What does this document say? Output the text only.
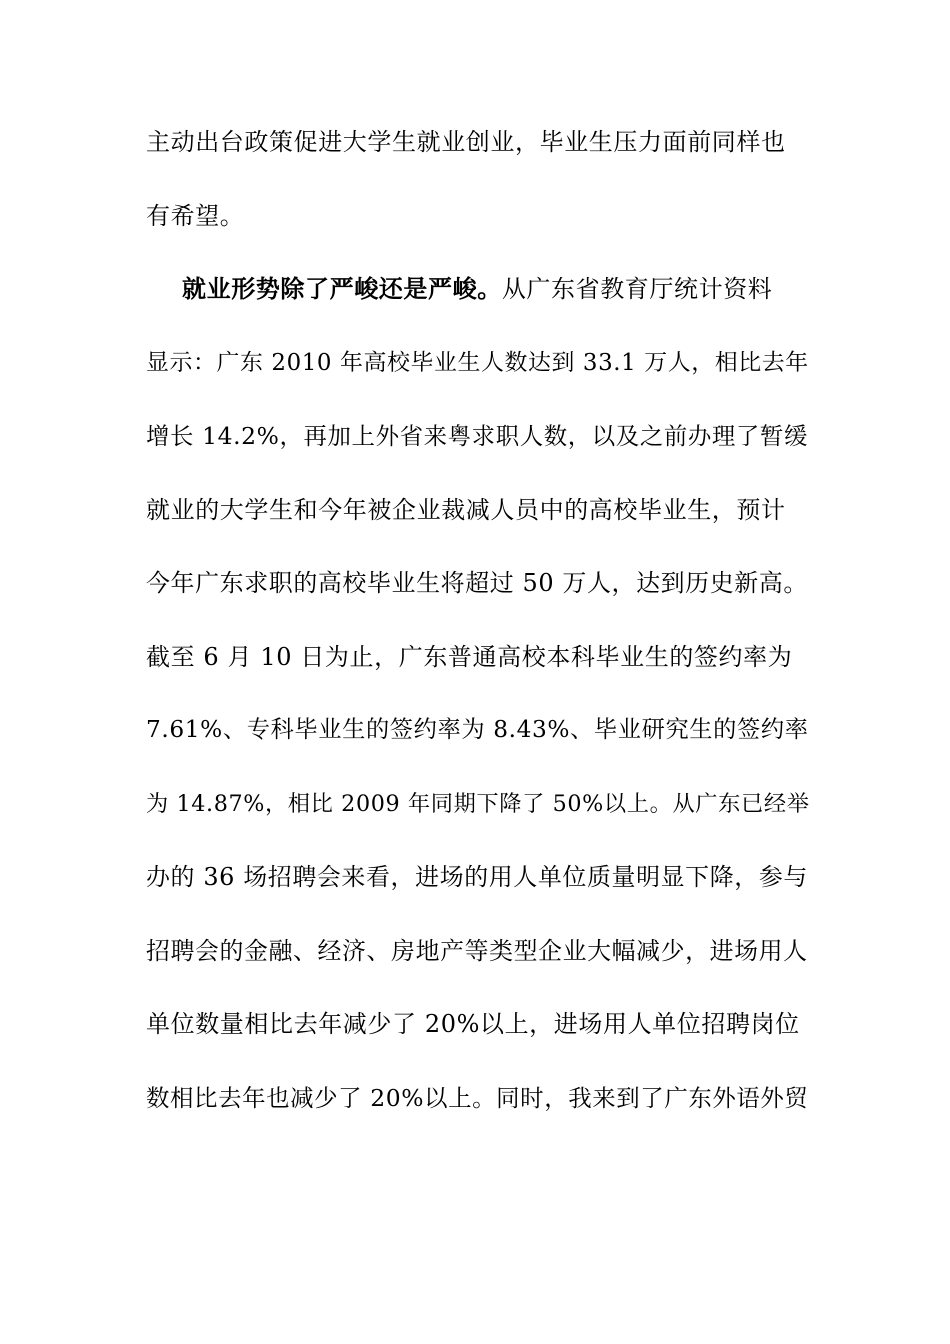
主动出台政策促进大学生就业创业，毕业生压力面前同样也
有希望。
就业形势除了严峻还是严峻。 从广东省教育厅统计资料
显示：广东 2010 年高校毕业生人数达到 33.1 万人，相比去年
增长 14.2%，再加上外省来粤求职人数，以及之前办理了暂缓
就业的大学生和今年被企业裁减人员中的高校毕业生，预计
今年广东求职的高校毕业生将超过 50 万人，达到历史新高。
截至 6 月 10 日为止，广东普通高校本科毕业生的签约率为
7.61%、专科毕业生的签约率为 8.43%、毕业研究生的签约率
为 14.87%，相比 2009 年同期下降了 50%以上。从广东已经举
办的 36 场招聘会来看，进场的用人单位质量明显下降，参与
招聘会的金融、经济、房地产等类型企业大幅减少，进场用人
单位数量相比去年减少了 20%以上，进场用人单位招聘岗位
数相比去年也减少了 20%以上。同时，我来到了广东外语外贸
